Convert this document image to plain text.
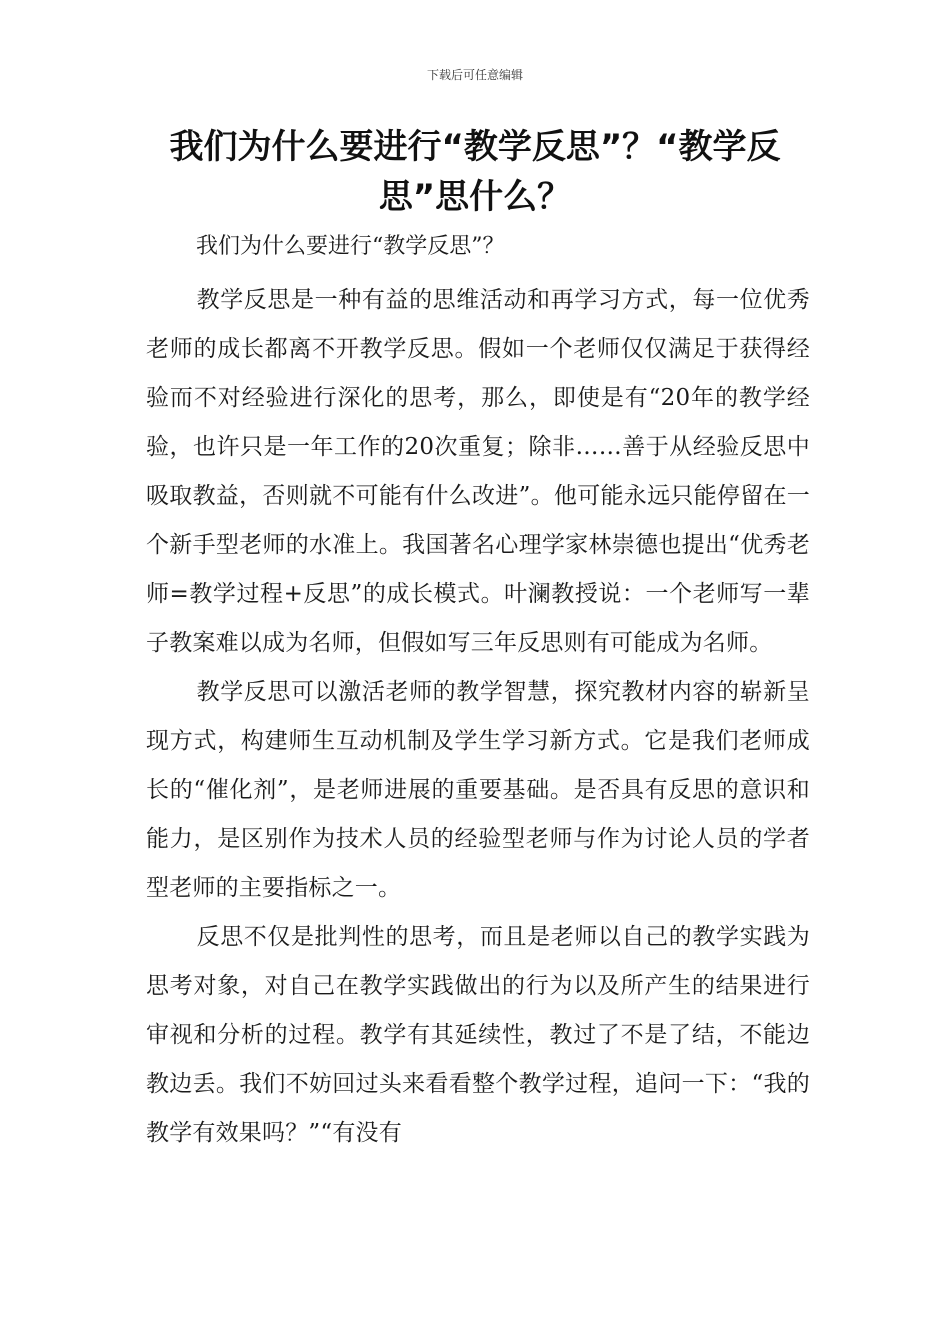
下载后可任意编辑
我们为什么要进行“教学反思”？“教学反思”思什么？

我们为什么要进行“教学反思”？

教学反思是一种有益的思维活动和再学习方式，每一位优秀老师的成长都离不开教学反思。假如一个老师仅仅满足于获得经验而不对经验进行深化的思考，那么，即使是有“20年的教学经验，也许只是一年工作的20次重复；除非……善于从经验反思中吸取教益，否则就不可能有什么改进”。他可能永远只能停留在一个新手型老师的水准上。我国著名心理学家林崇德也提出“优秀老师=教学过程+反思”的成长模式。叶澜教授说：一个老师写一辈子教案难以成为名师，但假如写三年反思则有可能成为名师。

教学反思可以激活老师的教学智慧，探究教材内容的崭新呈现方式，构建师生互动机制及学生学习新方式。它是我们老师成长的“催化剂”，是老师进展的重要基础。是否具有反思的意识和能力，是区别作为技术人员的经验型老师与作为讨论人员的学者型老师的主要指标之一。

反思不仅是批判性的思考，而且是老师以自己的教学实践为思考对象，对自己在教学实践做出的行为以及所产生的结果进行审视和分析的过程。教学有其延续性，教过了不是了结，不能边教边丢。我们不妨回过头来看看整个教学过程，追问一下：“我的教学有效果吗？”“有没有
